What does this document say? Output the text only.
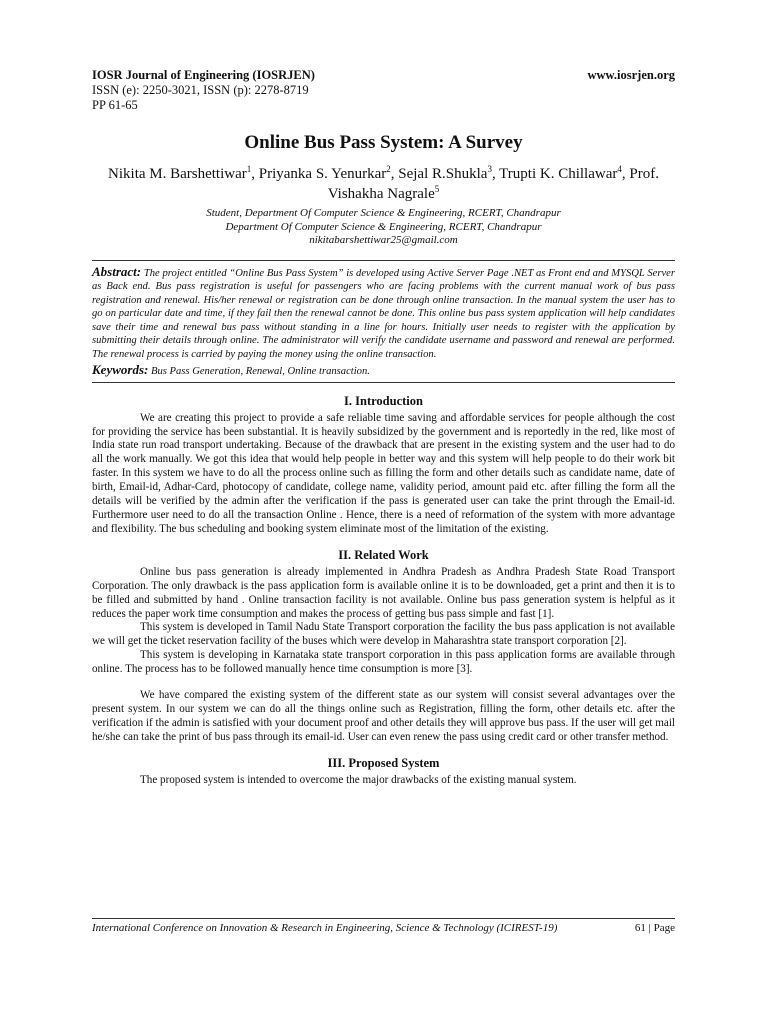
IOSR Journal of Engineering (IOSRJEN)	www.iosrjen.org
ISSN (e): 2250-3021, ISSN (p): 2278-8719
PP 61-65
Online Bus Pass System: A Survey
Nikita M. Barshettiwar$^1$, Priyanka S. Yenurkar$^2$, Sejal R.Shukla$^3$, Trupti K. Chillawar$^4$, Prof. Vishakha Nagrale$^5$
Student, Department Of Computer Science & Engineering, RCERT, Chandrapur
Department Of Computer Science & Engineering, RCERT, Chandrapur
nikitabarshettiwar25@gmail.com
Abstract: The project entitled “Online Bus Pass System” is developed using Active Server Page .NET as Front end and MYSQL Server as Back end. Bus pass registration is useful for passengers who are facing problems with the current manual work of bus pass registration and renewal. His/her renewal or registration can be done through online transaction. In the manual system the user has to go on particular date and time, if they fail then the renewal cannot be done. This online bus pass system application will help candidates save their time and renewal bus pass without standing in a line for hours. Initially user needs to register with the application by submitting their details through online. The administrator will verify the candidate username and password and renewal are performed. The renewal process is carried by paying the money using the online transaction.
Keywords: Bus Pass Generation, Renewal, Online transaction.
I. Introduction

We are creating this project to provide a safe reliable time saving and affordable services for people although the cost for providing the service has been substantial. It is heavily subsidized by the government and is reportedly in the red, like most of India state run road transport undertaking. Because of the drawback that are present in the existing system and the user had to do all the work manually. We got this idea that would help people in better way and this system will help people to do their work bit faster. In this system we have to do all the process online such as filling the form and other details such as candidate name, date of birth, Email-id, Adhar-Card, photocopy of candidate, college name, validity period, amount paid etc. after filling the form all the details will be verified by the admin after the verification if the pass is generated user can take the print through the Email-id. Furthermore user need to do all the transaction Online . Hence, there is a need of reformation of the system with more advantage and flexibility. The bus scheduling and booking system eliminate most of the limitation of the existing.

II. Related Work

Online bus pass generation is already implemented in Andhra Pradesh as Andhra Pradesh State Road Transport Corporation. The only drawback is the pass application form is available online it is to be downloaded, get a print and then it is to be filled and submitted by hand . Online transaction facility is not available. Online bus pass generation system is helpful as it reduces the paper work time consumption and makes the process of getting bus pass simple and fast [1].

This system is developed in Tamil Nadu State Transport corporation the facility the bus pass application is not available we will get the ticket reservation facility of the buses which were develop in Maharashtra state transport corporation [2].

This system is developing in Karnataka state transport corporation in this pass application forms are available through online. The process has to be followed manually hence time consumption is more [3].

We have compared the existing system of the different state as our system will consist several advantages over the present system. In our system we can do all the things online such as Registration, filling the form, other details etc. after the verification if the admin is satisfied with your document proof and other details they will approve bus pass. If the user will get mail he/she can take the print of bus pass through its email-id. User can even renew the pass using credit card or other transfer method.

III. Proposed System

The proposed system is intended to overcome the major drawbacks of the existing manual system.

International Conference on Innovation & Research in Engineering, Science & Technology (ICIREST-19)	61 | Page
